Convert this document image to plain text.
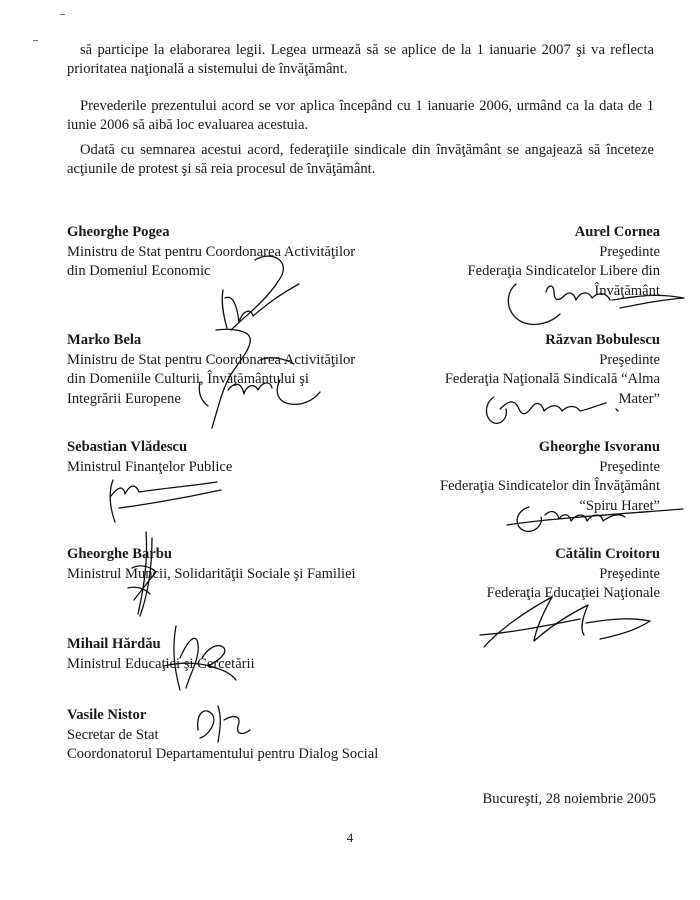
să participe la elaborarea legii. Legea urmează să se aplice de la 1 ianuarie 2007 şi va reflecta prioritatea naţională a sistemului de învăţământ.

Prevederile prezentului acord se vor aplica începând cu 1 ianuarie 2006, urmând ca la data de 1 iunie 2006 să aibă loc evaluarea acestuia.

Odată cu semnarea acestui acord, federaţiile sindicale din învăţământ se angajează să înceteze acţiunile de protest şi să reia procesul de învăţământ.

Gheorghe Pogea
Ministru de Stat pentru Coordonarea Activităţilor
din Domeniul Economic
Marko Bela
Ministru de Stat pentru Coordonarea Activităţilor
din Domeniile Culturii, Învăţământului şi
Integrării Europene
Sebastian Vlădescu
Ministrul Finanţelor Publice
Gheorghe Barbu
Ministrul Muncii, Solidarităţii Sociale şi Familiei
Mihail Hărdău
Ministrul Educaţiei şi Cercetării
Vasile Nistor
Secretar de Stat
Coordonatorul Departamentului pentru Dialog Social
Aurel Cornea
Preşedinte
Federaţia Sindicatelor Libere din
Învăţământ
Răzvan Bobulescu
Preşedinte
Federaţia Naţională Sindicală “Alma
Mater”
Gheorghe Isvoranu
Preşedinte
Federaţia Sindicatelor din Învăţământ
“Spiru Haret”
Cătălin Croitoru
Preşedinte
Federaţia Educaţiei Naţionale
Bucureşti, 28 noiembrie 2005
4
